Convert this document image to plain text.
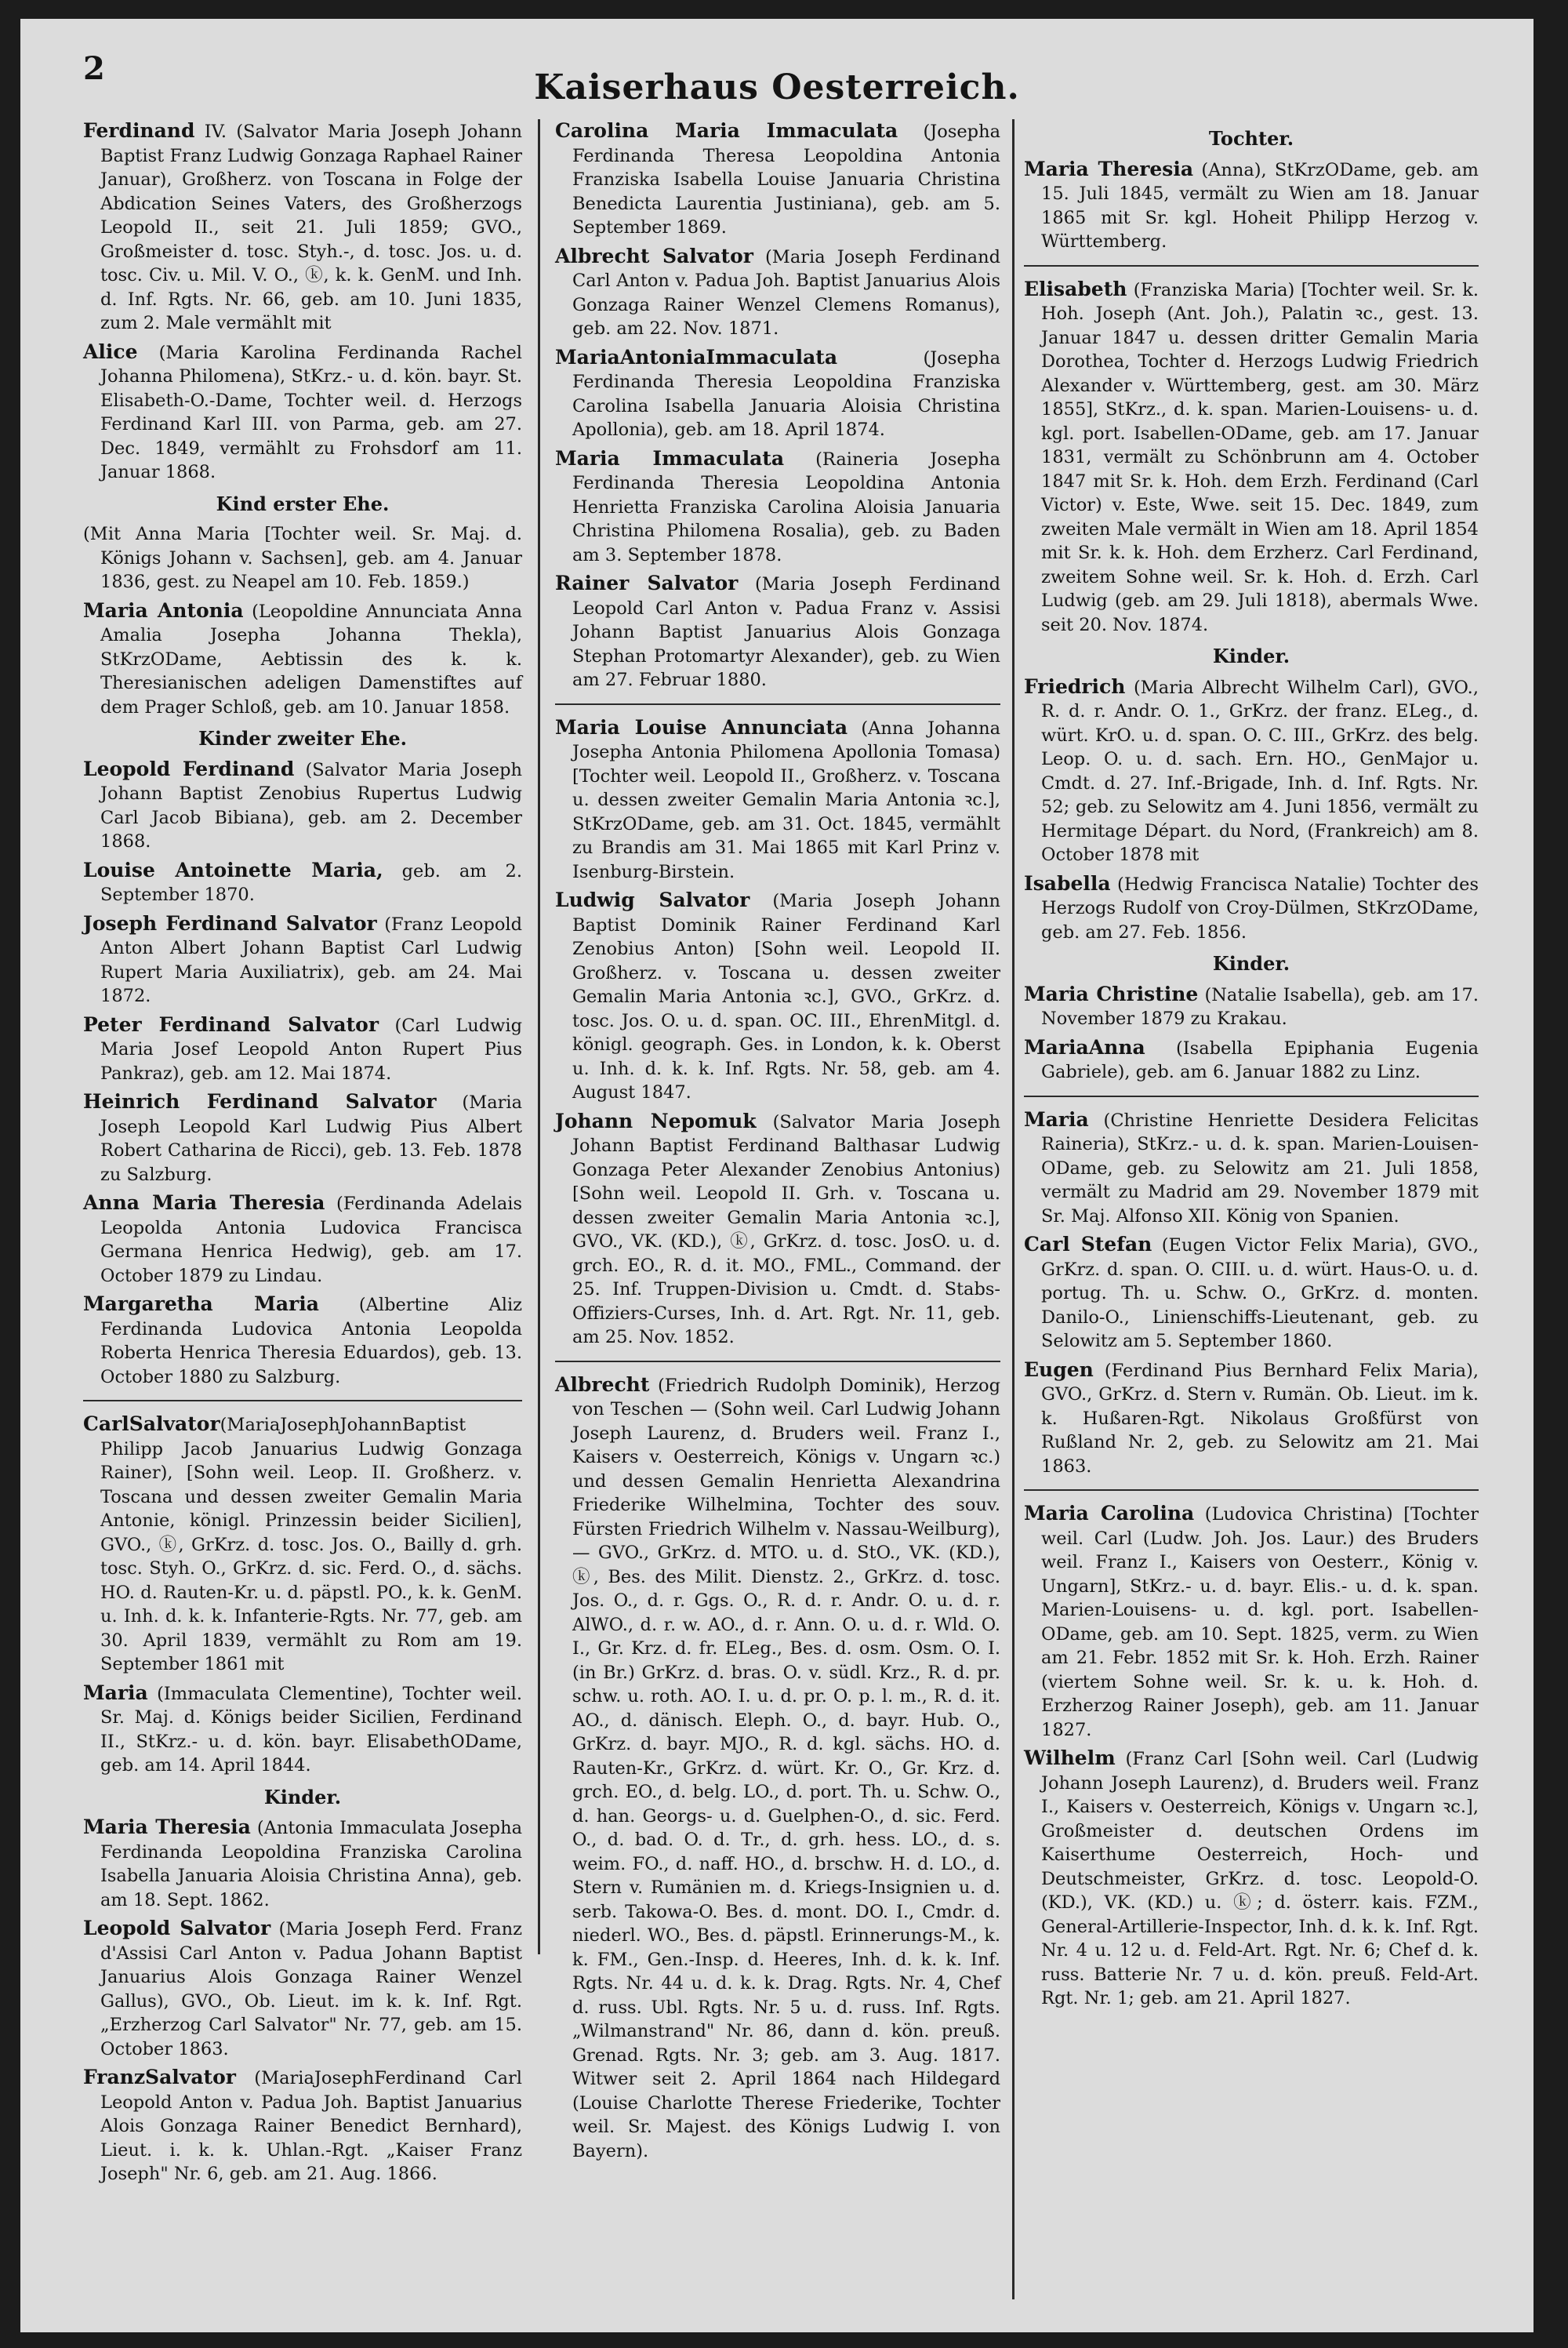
2	Kaiserhaus Oesterreich.

Ferdinand IV. (Salvator Maria Joseph Johann Baptist Franz Ludwig Gonzaga Raphael Rainer Januar), Großherz. von Toscana in Folge der Abdication Seines Vaters, des Großherzogs Leopold II., seit 21. Juli 1859; GVO., Großmeister d. tosc. Styh.-, d. tosc. Jos. u. d. tosc. Civ. u. Mil. V. O., ⓚ, k. k. GenM. und Inh. d. Inf. Rgts. Nr. 66, geb. am 10. Juni 1835, zum 2. Male vermählt mit

Alice (Maria Karolina Ferdinanda Rachel Johanna Philomena), StKrz.- u. d. kön. bayr. St. Elisabeth-O.-Dame, Tochter weil. d. Herzogs Ferdinand Karl III. von Parma, geb. am 27. Dec. 1849, vermählt zu Frohsdorf am 11. Januar 1868.

Kind erster Ehe.

(Mit Anna Maria [Tochter weil. Sr. Maj. d. Königs Johann v. Sachsen], geb. am 4. Januar 1836, gest. zu Neapel am 10. Feb. 1859.)

Maria Antonia (Leopoldine Annunciata Anna Amalia Josepha Johanna Thekla), StKrzODame, Aebtissin des k. k. Theresianischen adeligen Damenstiftes auf dem Prager Schloß, geb. am 10. Januar 1858.

Kinder zweiter Ehe.

Leopold Ferdinand (Salvator Maria Joseph Johann Baptist Zenobius Rupertus Ludwig Carl Jacob Bibiana), geb. am 2. December 1868.

Louise Antoinette Maria, geb. am 2. September 1870.

Joseph Ferdinand Salvator (Franz Leopold Anton Albert Johann Baptist Carl Ludwig Rupert Maria Auxiliatrix), geb. am 24. Mai 1872.

Peter Ferdinand Salvator (Carl Ludwig Maria Josef Leopold Anton Rupert Pius Pankraz), geb. am 12. Mai 1874.

Heinrich Ferdinand Salvator (Maria Joseph Leopold Karl Ludwig Pius Albert Robert Catharina de Ricci), geb. 13. Feb. 1878 zu Salzburg.

Anna Maria Theresia (Ferdinanda Adelais Leopolda Antonia Ludovica Francisca Germana Henrica Hedwig), geb. am 17. October 1879 zu Lindau.

Margaretha Maria (Albertine Aliz Ferdinanda Ludovica Antonia Leopolda Roberta Henrica Theresia Eduardos), geb. 13. October 1880 zu Salzburg.

CarlSalvator(MariaJosephJohannBaptist Philipp Jacob Januarius Ludwig Gonzaga Rainer), [Sohn weil. Leop. II. Großherz. v. Toscana und dessen zweiter Gemalin Maria Antonie, königl. Prinzessin beider Sicilien], GVO., ⓚ, GrKrz. d. tosc. Jos. O., Bailly d. grh. tosc. Styh. O., GrKrz. d. sic. Ferd. O., d. sächs. HO. d. Rauten-Kr. u. d. päpstl. PO., k. k. GenM. u. Inh. d. k. k. Infanterie-Rgts. Nr. 77, geb. am 30. April 1839, vermählt zu Rom am 19. September 1861 mit

Maria (Immaculata Clementine), Tochter weil. Sr. Maj. d. Königs beider Sicilien, Ferdinand II., StKrz.- u. d. kön. bayr. ElisabethODame, geb. am 14. April 1844.

Kinder.

Maria Theresia (Antonia Immaculata Josepha Ferdinanda Leopoldina Franziska Carolina Isabella Januaria Aloisia Christina Anna), geb. am 18. Sept. 1862.

Leopold Salvator (Maria Joseph Ferd. Franz d'Assisi Carl Anton v. Padua Johann Baptist Januarius Alois Gonzaga Rainer Wenzel Gallus), GVO., Ob. Lieut. im k. k. Inf. Rgt. „Erzherzog Carl Salvator" Nr. 77, geb. am 15. October 1863.

FranzSalvator (MariaJosephFerdinand Carl Leopold Anton v. Padua Joh. Baptist Januarius Alois Gonzaga Rainer Benedict Bernhard), Lieut. i. k. k. Uhlan.-Rgt. „Kaiser Franz Joseph" Nr. 6, geb. am 21. Aug. 1866.

Carolina Maria Immaculata (Josepha Ferdinanda Theresa Leopoldina Antonia Franziska Isabella Louise Januaria Christina Benedicta Laurentia Justiniana), geb. am 5. September 1869.

Albrecht Salvator (Maria Joseph Ferdinand Carl Anton v. Padua Joh. Baptist Januarius Alois Gonzaga Rainer Wenzel Clemens Romanus), geb. am 22. Nov. 1871.

MariaAntoniaImmaculata (Josepha Ferdinanda Theresia Leopoldina Franziska Carolina Isabella Januaria Aloisia Christina Apollonia), geb. am 18. April 1874.

Maria Immaculata (Raineria Josepha Ferdinanda Theresia Leopoldina Antonia Henrietta Franziska Carolina Aloisia Januaria Christina Philomena Rosalia), geb. zu Baden am 3. September 1878.

Rainer Salvator (Maria Joseph Ferdinand Leopold Carl Anton v. Padua Franz v. Assisi Johann Baptist Januarius Alois Gonzaga Stephan Protomartyr Alexander), geb. zu Wien am 27. Februar 1880.

Maria Louise Annunciata (Anna Johanna Josepha Antonia Philomena Apollonia Tomasa) [Tochter weil. Leopold II., Großherz. v. Toscana u. dessen zweiter Gemalin Maria Antonia ꝛc.], StKrzODame, geb. am 31. Oct. 1845, vermählt zu Brandis am 31. Mai 1865 mit Karl Prinz v. Isenburg-Birstein.

Ludwig Salvator (Maria Joseph Johann Baptist Dominik Rainer Ferdinand Karl Zenobius Anton) [Sohn weil. Leopold II. Großherz. v. Toscana u. dessen zweiter Gemalin Maria Antonia ꝛc.], GVO., GrKrz. d. tosc. Jos. O. u. d. span. OC. III., EhrenMitgl. d. königl. geograph. Ges. in London, k. k. Oberst u. Inh. d. k. k. Inf. Rgts. Nr. 58, geb. am 4. August 1847.

Johann Nepomuk (Salvator Maria Joseph Johann Baptist Ferdinand Balthasar Ludwig Gonzaga Peter Alexander Zenobius Antonius) [Sohn weil. Leopold II. Grh. v. Toscana u. dessen zweiter Gemalin Maria Antonia ꝛc.], GVO., VK. (KD.), ⓚ, GrKrz. d. tosc. JosO. u. d. grch. EO., R. d. it. MO., FML., Command. der 25. Inf. Truppen-Division u. Cmdt. d. Stabs-Offiziers-Curses, Inh. d. Art. Rgt. Nr. 11, geb. am 25. Nov. 1852.

Albrecht (Friedrich Rudolph Dominik), Herzog von Teschen — (Sohn weil. Carl Ludwig Johann Joseph Laurenz, d. Bruders weil. Franz I., Kaisers v. Oesterreich, Königs v. Ungarn ꝛc.) und dessen Gemalin Henrietta Alexandrina Friederike Wilhelmina, Tochter des souv. Fürsten Friedrich Wilhelm v. Nassau-Weilburg), — GVO., GrKrz. d. MTO. u. d. StO., VK. (KD.), ⓚ, Bes. des Milit. Dienstz. 2., GrKrz. d. tosc. Jos. O., d. r. Ggs. O., R. d. r. Andr. O. u. d. r. AlWO., d. r. w. AO., d. r. Ann. O. u. d. r. Wld. O. I., Gr. Krz. d. fr. ELeg., Bes. d. osm. Osm. O. I. (in Br.) GrKrz. d. bras. O. v. südl. Krz., R. d. pr. schw. u. roth. AO. I. u. d. pr. O. p. l. m., R. d. it. AO., d. dänisch. Eleph. O., d. bayr. Hub. O., GrKrz. d. bayr. MJO., R. d. kgl. sächs. HO. d. Rauten-Kr., GrKrz. d. würt. Kr. O., Gr. Krz. d. grch. EO., d. belg. LO., d. port. Th. u. Schw. O., d. han. Georgs- u. d. Guelphen-O., d. sic. Ferd. O., d. bad. O. d. Tr., d. grh. hess. LO., d. s. weim. FO., d. naff. HO., d. brschw. H. d. LO., d. Stern v. Rumänien m. d. Kriegs-Insignien u. d. serb. Takowa-O. Bes. d. mont. DO. I., Cmdr. d. niederl. WO., Bes. d. päpstl. Erinnerungs-M., k. k. FM., Gen.-Insp. d. Heeres, Inh. d. k. k. Inf. Rgts. Nr. 44 u. d. k. k. Drag. Rgts. Nr. 4, Chef d. russ. Ubl. Rgts. Nr. 5 u. d. russ. Inf. Rgts. „Wilmanstrand" Nr. 86, dann d. kön. preuß. Grenad. Rgts. Nr. 3; geb. am 3. Aug. 1817. Witwer seit 2. April 1864 nach Hildegard (Louise Charlotte Therese Friederike, Tochter weil. Sr. Majest. des Königs Ludwig I. von Bayern).

Tochter.

Maria Theresia (Anna), StKrzODame, geb. am 15. Juli 1845, vermält zu Wien am 18. Januar 1865 mit Sr. kgl. Hoheit Philipp Herzog v. Württemberg.

Elisabeth (Franziska Maria) [Tochter weil. Sr. k. Hoh. Joseph (Ant. Joh.), Palatin ꝛc., gest. 13. Januar 1847 u. dessen dritter Gemalin Maria Dorothea, Tochter d. Herzogs Ludwig Friedrich Alexander v. Württemberg, gest. am 30. März 1855], StKrz., d. k. span. Marien-Louisens- u. d. kgl. port. Isabellen-ODame, geb. am 17. Januar 1831, vermält zu Schönbrunn am 4. October 1847 mit Sr. k. Hoh. dem Erzh. Ferdinand (Carl Victor) v. Este, Wwe. seit 15. Dec. 1849, zum zweiten Male vermält in Wien am 18. April 1854 mit Sr. k. k. Hoh. dem Erzherz. Carl Ferdinand, zweitem Sohne weil. Sr. k. Hoh. d. Erzh. Carl Ludwig (geb. am 29. Juli 1818), abermals Wwe. seit 20. Nov. 1874.

Kinder.

Friedrich (Maria Albrecht Wilhelm Carl), GVO., R. d. r. Andr. O. 1., GrKrz. der franz. ELeg., d. würt. KrO. u. d. span. O. C. III., GrKrz. des belg. Leop. O. u. d. sach. Ern. HO., GenMajor u. Cmdt. d. 27. Inf.-Brigade, Inh. d. Inf. Rgts. Nr. 52; geb. zu Selowitz am 4. Juni 1856, vermält zu Hermitage Départ. du Nord, (Frankreich) am 8. October 1878 mit

Isabella (Hedwig Francisca Natalie) Tochter des Herzogs Rudolf von Croy-Dülmen, StKrzODame, geb. am 27. Feb. 1856.

Kinder.

Maria Christine (Natalie Isabella), geb. am 17. November 1879 zu Krakau.

MariaAnna (Isabella Epiphania Eugenia Gabriele), geb. am 6. Januar 1882 zu Linz.

Maria (Christine Henriette Desidera Felicitas Raineria), StKrz.- u. d. k. span. Marien-Louisen-ODame, geb. zu Selowitz am 21. Juli 1858, vermält zu Madrid am 29. November 1879 mit Sr. Maj. Alfonso XII. König von Spanien.

Carl Stefan (Eugen Victor Felix Maria), GVO., GrKrz. d. span. O. CIII. u. d. würt. Haus-O. u. d. portug. Th. u. Schw. O., GrKrz. d. monten. Danilo-O., Linienschiffs-Lieutenant, geb. zu Selowitz am 5. September 1860.

Eugen (Ferdinand Pius Bernhard Felix Maria), GVO., GrKrz. d. Stern v. Rumän. Ob. Lieut. im k. k. Hußaren-Rgt. Nikolaus Großfürst von Rußland Nr. 2, geb. zu Selowitz am 21. Mai 1863.

Maria Carolina (Ludovica Christina) [Tochter weil. Carl (Ludw. Joh. Jos. Laur.) des Bruders weil. Franz I., Kaisers von Oesterr., König v. Ungarn], StKrz.- u. d. bayr. Elis.- u. d. k. span. Marien-Louisens- u. d. kgl. port. Isabellen-ODame, geb. am 10. Sept. 1825, verm. zu Wien am 21. Febr. 1852 mit Sr. k. Hoh. Erzh. Rainer (viertem Sohne weil. Sr. k. u. k. Hoh. d. Erzherzog Rainer Joseph), geb. am 11. Januar 1827.

Wilhelm (Franz Carl [Sohn weil. Carl (Ludwig Johann Joseph Laurenz), d. Bruders weil. Franz I., Kaisers v. Oesterreich, Königs v. Ungarn ꝛc.], Großmeister d. deutschen Ordens im Kaiserthume Oesterreich, Hoch- und Deutschmeister, GrKrz. d. tosc. Leopold-O. (KD.), VK. (KD.) u. ⓚ; d. österr. kais. FZM., General-Artillerie-Inspector, Inh. d. k. k. Inf. Rgt. Nr. 4 u. 12 u. d. Feld-Art. Rgt. Nr. 6; Chef d. k. russ. Batterie Nr. 7 u. d. kön. preuß. Feld-Art. Rgt. Nr. 1; geb. am 21. April 1827.
